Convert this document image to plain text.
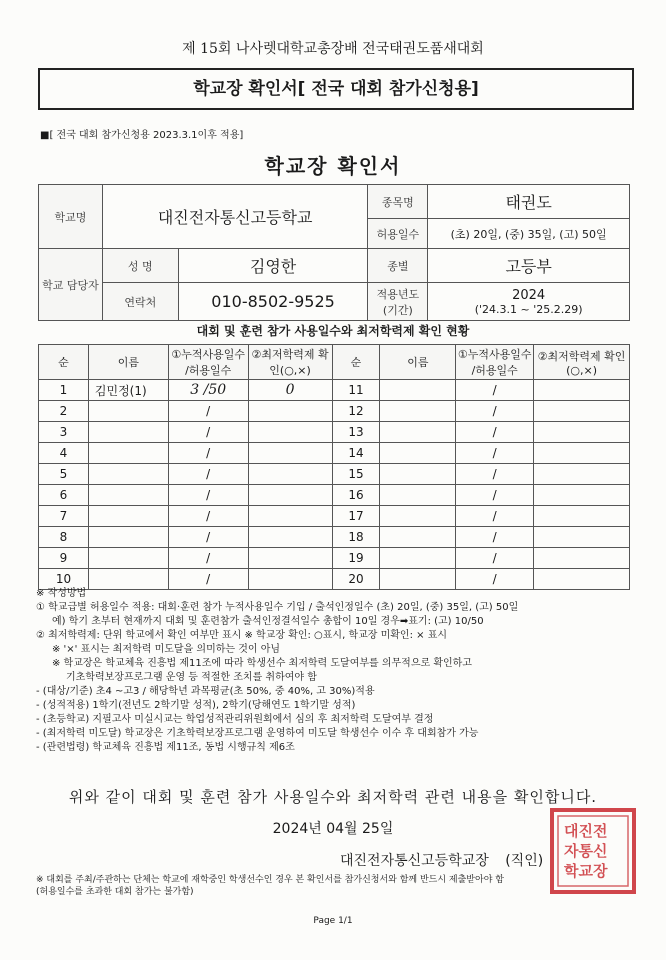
제 15회 나사렛대학교총장배 전국태권도품새대회
학교장 확인서[ 전국 대회 참가신청용]
■[ 전국 대회 참가신청용 2023.3.1이후 적용]
학교장 확인서
학교명	대진전자통신고등학교		종목명	태권도
			허용일수	(초) 20일, (중) 35일, (고) 50일
학교 담당자	성 명	김영한	종별	고등부
	연락처	010-8502-9525	적용년도 (기간)	2024
('24.3.1 ~ '25.2.29)
대회 및 훈련 참가 사용일수와 최저학력제 확인 현황
순	이름	①누적사용일수 /허용일수	②최저학력제 확인(○,×)	순	이름	①누적사용일수 /허용일수	②최저학력제 확인(○,×)
1	김민정(1)	3 /50	0	11		/	
2		/		12		/	
3		/		13		/	
4		/		14		/	
5		/		15		/	
6		/		16		/	
7		/		17		/	
8		/		18		/	
9		/		19		/	
10		/		20		/	
※ 작성방법
① 학교급별 허용일수 적용: 대회·훈련 참가 누적사용일수 기입 / 출석인정일수 (초) 20일, (중) 35일, (고) 50일
예) 학기 초부터 현재까지 대회 및 훈련참가 출석인정결석일수 총합이 10일 경우➡표기: (고) 10/50
② 최저학력제: 단위 학교에서 확인 여부만 표시 ※ 학교장 확인: ○표시, 학교장 미확인: × 표시
※ '×' 표시는 최저학력 미도달을 의미하는 것이 아님
※ 학교장은 학교체육 진흥법 제11조에 따라 학생선수 최저학력 도달여부를 의무적으로 확인하고
기초학력보장프로그램 운영 등 적절한 조치를 취하여야 함
- (대상/기준) 초4 ~고3 / 해당학년 과목평균(초 50%, 중 40%, 고 30%)적용
- (성적적용) 1학기(전년도 2학기말 성적), 2학기(당해연도 1학기말 성적)
- (초등학교) 지필고사 미실시교는 학업성적관리위원회에서 심의 후 최저학력 도달여부 결정
- (최저학력 미도달) 학교장은 기초학력보장프로그램 운영하여 미도달 학생선수 이수 후 대회참가 가능
- (관련법령) 학교체육 진흥법 제11조, 동법 시행규칙 제6조
위와 같이 대회 및 훈련 참가 사용일수와 최저학력 관련 내용을 확인합니다.
2024년 04월 25일
대진전자통신고등학교장 (직인)
대진전
자통신
학교장
※ 대회를 주최/주관하는 단체는 학교에 재학중인 학생선수인 경우 본 확인서를 참가신청서와 함께 반드시 제출받아야 함
(허용일수를 초과한 대회 참가는 불가함)
Page 1/1
